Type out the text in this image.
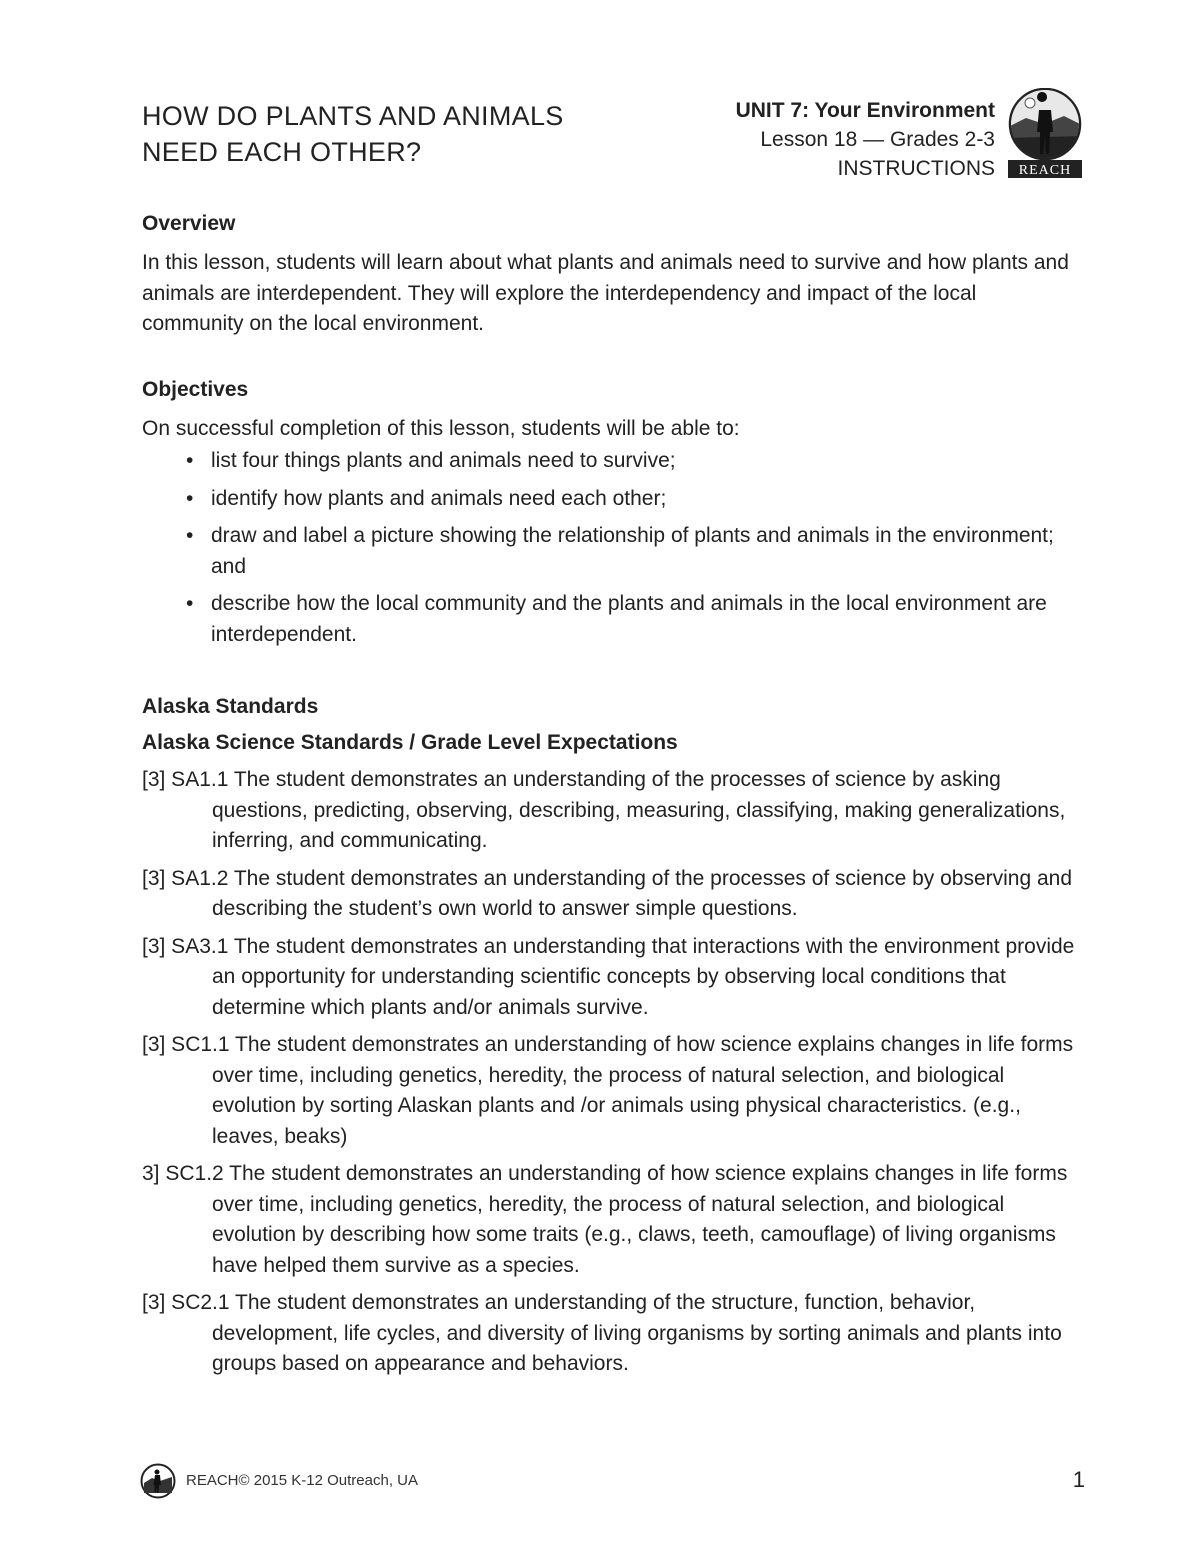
HOW DO PLANTS AND ANIMALS
NEED EACH OTHER?
UNIT 7: Your Environment
Lesson 18 — Grades 2-3
INSTRUCTIONS REACH
Overview

In this lesson, students will learn about what plants and animals need to survive and how plants and animals are interdependent. They will explore the interdependency and impact of the local community on the local environment.

Objectives

On successful completion of this lesson, students will be able to:

• list four things plants and animals need to survive;
• identify how plants and animals need each other;
• draw and label a picture showing the relationship of plants and animals in the environment; and
• describe how the local community and the plants and animals in the local environment are interdependent.
Alaska Standards
Alaska Science Standards / Grade Level Expectations

[3] SA1.1 The student demonstrates an understanding of the processes of science by asking questions, predicting, observing, describing, measuring, classifying, making generalizations, inferring, and communicating.

[3] SA1.2 The student demonstrates an understanding of the processes of science by observing and describing the student’s own world to answer simple questions.

[3] SA3.1 The student demonstrates an understanding that interactions with the environment provide an opportunity for understanding scientific concepts by observing local conditions that determine which plants and/or animals survive.

[3] SC1.1 The student demonstrates an understanding of how science explains changes in life forms over time, including genetics, heredity, the process of natural selection, and biological evolution by sorting Alaskan plants and /or animals using physical characteristics. (e.g., leaves, beaks)

3] SC1.2 The student demonstrates an understanding of how science explains changes in life forms over time, including genetics, heredity, the process of natural selection, and biological evolution by describing how some traits (e.g., claws, teeth, camouflage) of living organisms have helped them survive as a species.

[3] SC2.1 The student demonstrates an understanding of the structure, function, behavior, development, life cycles, and diversity of living organisms by sorting animals and plants into groups based on appearance and behaviors.

REACH© 2015 K-12 Outreach, UA	1
